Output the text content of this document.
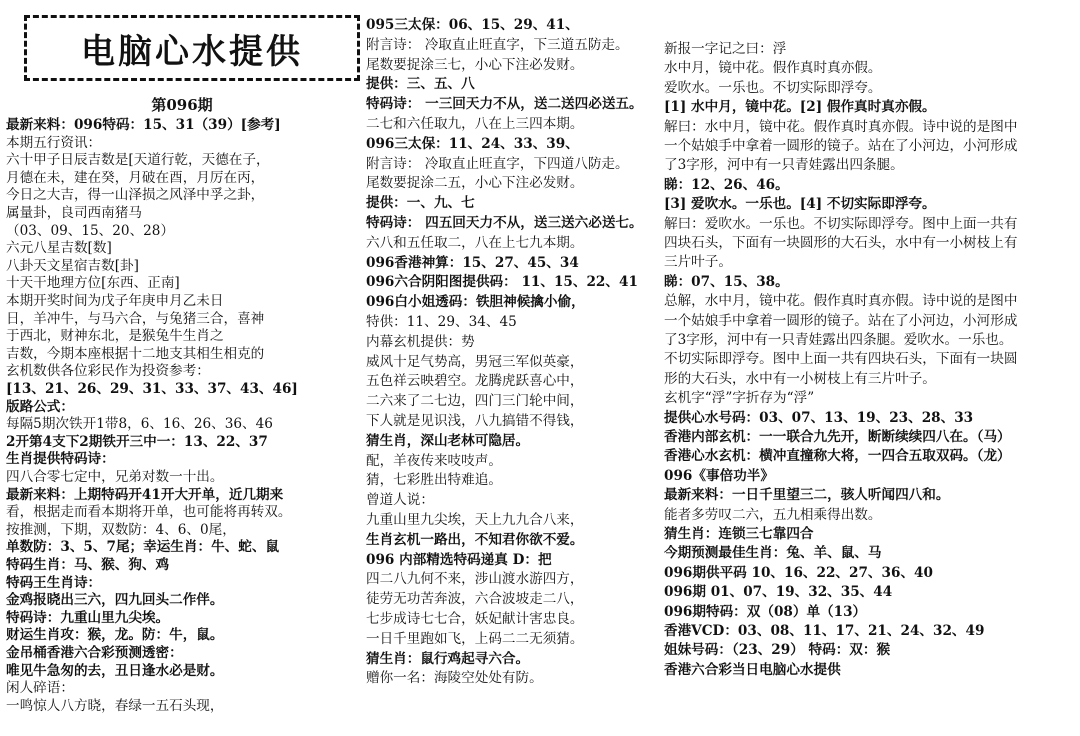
电脑心水提供
第096期
最新来料：096特码：15、31（39）[参考]
本期五行资讯：
六十甲子日辰吉数是[天道行乾，天德在子，
月德在未，建在癸，月破在酉，月厉在丙，
今日之大吉，得一山泽损之风泽中孚之卦，
属量卦，良司西南猪马
（03、09、15、20、28）
六元八星吉数[数]
八卦天文星宿吉数[卦]
十天干地理方位[东西、正南]
本期开奖时间为戊子年庚申月乙未日
日，羊冲牛，与马六合，与兔猪三合，喜神
于西北，财神东北，是猴兔牛生肖之
吉数，今期本座根据十二地支其相生相克的
玄机数供各位彩民作为投资参考：
[13、21、26、29、31、33、37、43、46]
版路公式：
每隔5期次铁开1带8，6、16、26、36、46
2开第4支下2期铁开三中一：13、22、37
生肖提供特码诗：
四八合零七定中，兄弟对数一十出。
最新来料：上期特码开41开大开单，近几期来
看，根据走而看本期将开单，也可能将再转双。
按推测，下期，双数防：4、6、0尾，
单数防：3、5、7尾；幸运生肖：牛、蛇、鼠
特码生肖：马、猴、狗、鸡
特码王生肖诗：
金鸡报晓出三六，四九回头二作伴。
特码诗：九重山里九尖埃。
财运生肖攻：猴，龙。防：牛，鼠。
金吊桶香港六合彩预测透密：
唯见牛急匆的去，丑日逢水必是财。
闲人碎语：
一鸣惊人八方晓，春绿一五石头现，
095三太保：06、15、29、41、
附言诗： 冷取直止旺直字，下三道五防走。
尾数要捉涂三七，小心下注必发财。
提供：三、五、八
特码诗： 一三回天力不从，送二送四必送五。
二七和六任取九，八在上三四本期。
096三太保：11、24、33、39、
附言诗： 冷取直止旺直字，下四道八防走。
尾数要捉涂二五，小心下注必发财。
提供：一、九、七
特码诗： 四五回天力不从，送三送六必送七。
六八和五任取二，八在上七九本期。
096香港神算：15、27、45、34
096六合阴阳图提供码： 11、15、22、41
096白小姐透码：铁胆神候擒小偷，
特供：11、29、34、45
内幕玄机提供：势
威风十足气势高，男冠三军似英豪，
五色祥云映碧空。龙腾虎跃喜心中，
二六来了二七边，四门三门轮中间，
下人就是见识浅，八九搞错不得钱，
猜生肖，深山老林可隐居。
配，羊夜传来吱吱声。
猜，七彩胜出特难追。
曾道人说：
九重山里九尖埃，天上九九合八来，
生肖玄机一路出，不知君你欲不爱。
096 内部精选特码递真 D：把
四二八九何不来，涉山渡水游四方，
徒劳无功苦奔波，六合波坡走二八，
七步成诗七七合，妖妃献计害忠良。
一日千里跑如飞，上码二二无须猜。
猜生肖：鼠行鸡起寻六合。
赠你一名：海陵空处处有防。
新报一字记之曰：浮
水中月，镜中花。假作真时真亦假。
爱吹水。一乐也。不切实际即浮夸。
[1] 水中月，镜中花。[2] 假作真时真亦假。
解曰：水中月，镜中花。假作真时真亦假。诗中说的是图中
一个姑娘手中拿着一圆形的镜子。站在了小河边，小河形成
了3字形，河中有一只青娃露出四条腿。
睇：12、26、46。
[3] 爱吹水。一乐也。[4] 不切实际即浮夸。
解曰：爱吹水。一乐也。不切实际即浮夸。图中上面一共有
四块石头，下面有一块圆形的大石头，水中有一小树枝上有
三片叶子。
睇：07、15、38。
总解，水中月，镜中花。假作真时真亦假。诗中说的是图中
一个姑娘手中拿着一圆形的镜子。站在了小河边，小河形成
了3字形，河中有一只青娃露出四条腿。爱吹水。一乐也。
不切实际即浮夸。图中上面一共有四块石头，下面有一块圆
形的大石头，水中有一小树枝上有三片叶子。
玄机字“浮”字折存为“浮”
提供心水号码：03、07、13、19、23、28、33
香港内部玄机：一一联合九先开，断断续续四八在。（马）
香港心水玄机：横冲直撞称大将，一四合五取双码。（龙）
096《事倍功半》
最新来料：一日千里望三二，骇人听闻四八和。
能者多劳叹二六，五九相乘得出数。
猜生肖：连锁三七靠四合
今期预测最佳生肖：兔、羊、鼠、马
096期供平码 10、16、22、27、36、40
096期 01、07、19、32、35、44
096期特码：双（08）单（13）
香港VCD：03、08、11、17、21、24、32、49
姐妹号码：（23、29） 特码：双：猴
香港六合彩当日电脑心水提供
